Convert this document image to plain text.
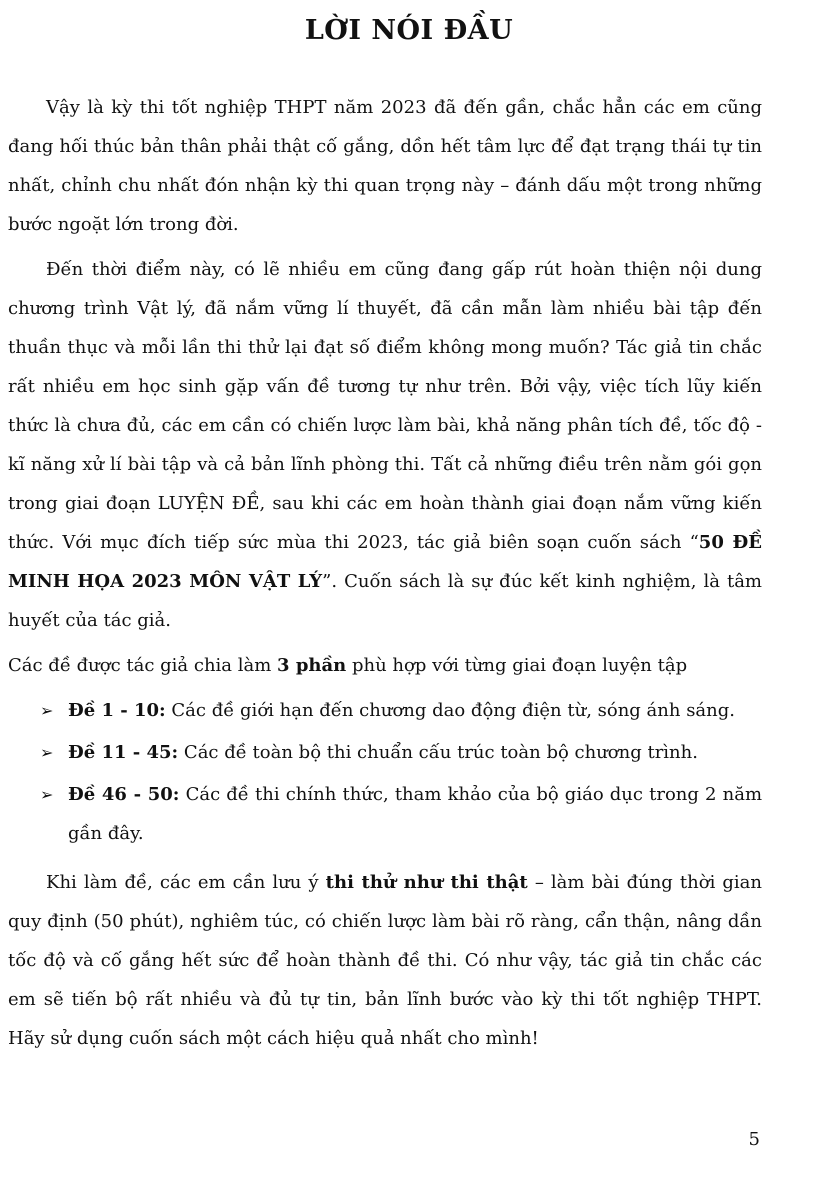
LỜI NÓI ĐẦU

Vậy là kỳ thi tốt nghiệp THPT năm 2023 đã đến gần, chắc hẳn các em cũng đang hối thúc bản thân phải thật cố gắng, dồn hết tâm lực để đạt trạng thái tự tin nhất, chỉnh chu nhất đón nhận kỳ thi quan trọng này – đánh dấu một trong những bước ngoặt lớn trong đời.

Đến thời điểm này, có lẽ nhiều em cũng đang gấp rút hoàn thiện nội dung chương trình Vật lý, đã nắm vững lí thuyết, đã cần mẫn làm nhiều bài tập đến thuần thục và mỗi lần thi thử lại đạt số điểm không mong muốn? Tác giả tin chắc rất nhiều em học sinh gặp vấn đề tương tự như trên. Bởi vậy, việc tích lũy kiến thức là chưa đủ, các em cần có chiến lược làm bài, khả năng phân tích đề, tốc độ - kĩ năng xử lí bài tập và cả bản lĩnh phòng thi. Tất cả những điều trên nằm gói gọn trong giai đoạn LUYỆN ĐỀ, sau khi các em hoàn thành giai đoạn nắm vững kiến thức. Với mục đích tiếp sức mùa thi 2023, tác giả biên soạn cuốn sách “50 ĐỀ MINH HỌA 2023 MÔN VẬT LÝ”. Cuốn sách là sự đúc kết kinh nghiệm, là tâm huyết của tác giả.

Các đề được tác giả chia làm 3 phần phù hợp với từng giai đoạn luyện tập

➢ Đề 1 - 10: Các đề giới hạn đến chương dao động điện từ, sóng ánh sáng.
➢ Đề 11 - 45: Các đề toàn bộ thi chuẩn cấu trúc toàn bộ chương trình.
➢ Đề 46 - 50: Các đề thi chính thức, tham khảo của bộ giáo dục trong 2 năm gần đây.

Khi làm đề, các em cần lưu ý thi thử như thi thật – làm bài đúng thời gian quy định (50 phút), nghiêm túc, có chiến lược làm bài rõ ràng, cẩn thận, nâng dần tốc độ và cố gắng hết sức để hoàn thành đề thi. Có như vậy, tác giả tin chắc các em sẽ tiến bộ rất nhiều và đủ tự tin, bản lĩnh bước vào kỳ thi tốt nghiệp THPT. Hãy sử dụng cuốn sách một cách hiệu quả nhất cho mình!

5
